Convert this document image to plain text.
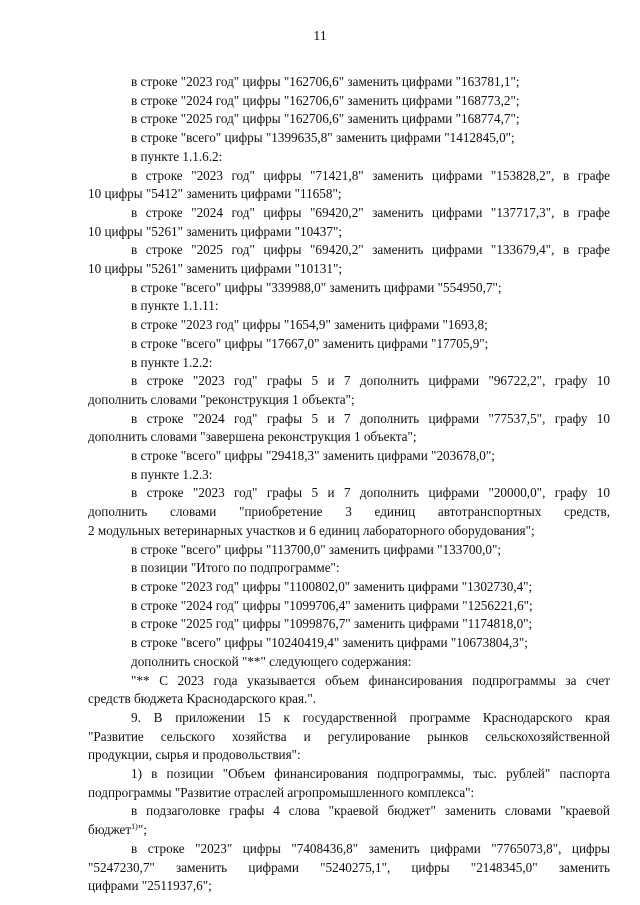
11
в строке "2023 год" цифры "162706,6" заменить цифрами "163781,1";
в строке "2024 год" цифры "162706,6" заменить цифрами "168773,2";
в строке "2025 год" цифры "162706,6" заменить цифрами "168774,7";
в строке "всего" цифры "1399635,8" заменить цифрами "1412845,0";
в пункте 1.1.6.2:
в строке "2023 год" цифры "71421,8" заменить цифрами "153828,2", в графе
10 цифры "5412" заменить цифрами "11658";
в строке "2024 год" цифры "69420,2" заменить цифрами "137717,3", в графе
10 цифры "5261" заменить цифрами "10437";
в строке "2025 год" цифры "69420,2" заменить цифрами "133679,4", в графе
10 цифры "5261" заменить цифрами "10131";
в строке "всего" цифры "339988,0" заменить цифрами "554950,7";
в пункте 1.1.11:
в строке "2023 год" цифры "1654,9" заменить цифрами "1693,8;
в строке "всего" цифры "17667,0" заменить цифрами "17705,9";
в пункте 1.2.2:
в строке "2023 год" графы 5 и 7 дополнить цифрами "96722,2", графу 10
дополнить словами "реконструкция 1 объекта";
в строке "2024 год" графы 5 и 7 дополнить цифрами "77537,5", графу 10
дополнить словами "завершена реконструкция 1 объекта";
в строке "всего" цифры "29418,3" заменить цифрами "203678,0";
в пункте 1.2.3:
в строке "2023 год" графы 5 и 7 дополнить цифрами "20000,0", графу 10
дополнить словами "приобретение 3 единиц автотранспортных средств,
2 модульных ветеринарных участков и 6 единиц лабораторного оборудования";
в строке "всего" цифры "113700,0" заменить цифрами "133700,0";
в позиции "Итого по подпрограмме":
в строке "2023 год" цифры "1100802,0" заменить цифрами "1302730,4";
в строке "2024 год" цифры "1099706,4" заменить цифрами "1256221,6";
в строке "2025 год" цифры "1099876,7" заменить цифрами "1174818,0";
в строке "всего" цифры "10240419,4" заменить цифрами "10673804,3";
дополнить сноской "**" следующего содержания:
"** С 2023 года указывается объем финансирования подпрограммы за счет
средств бюджета Краснодарского края.".
9. В приложении 15 к государственной программе Краснодарского края
"Развитие сельского хозяйства и регулирование рынков сельскохозяйственной
продукции, сырья и продовольствия":
1) в позиции "Объем финансирования подпрограммы, тыс. рублей" паспорта
подпрограммы "Развитие отраслей агропромышленного комплекса":
в подзаголовке графы 4 слова "краевой бюджет" заменить словами "краевой
бюджет$^{1)}$";
в строке "2023" цифры "7408436,8" заменить цифрами "7765073,8", цифры
"5247230,7" заменить цифрами "5240275,1", цифры "2148345,0" заменить
цифрами "2511937,6";
